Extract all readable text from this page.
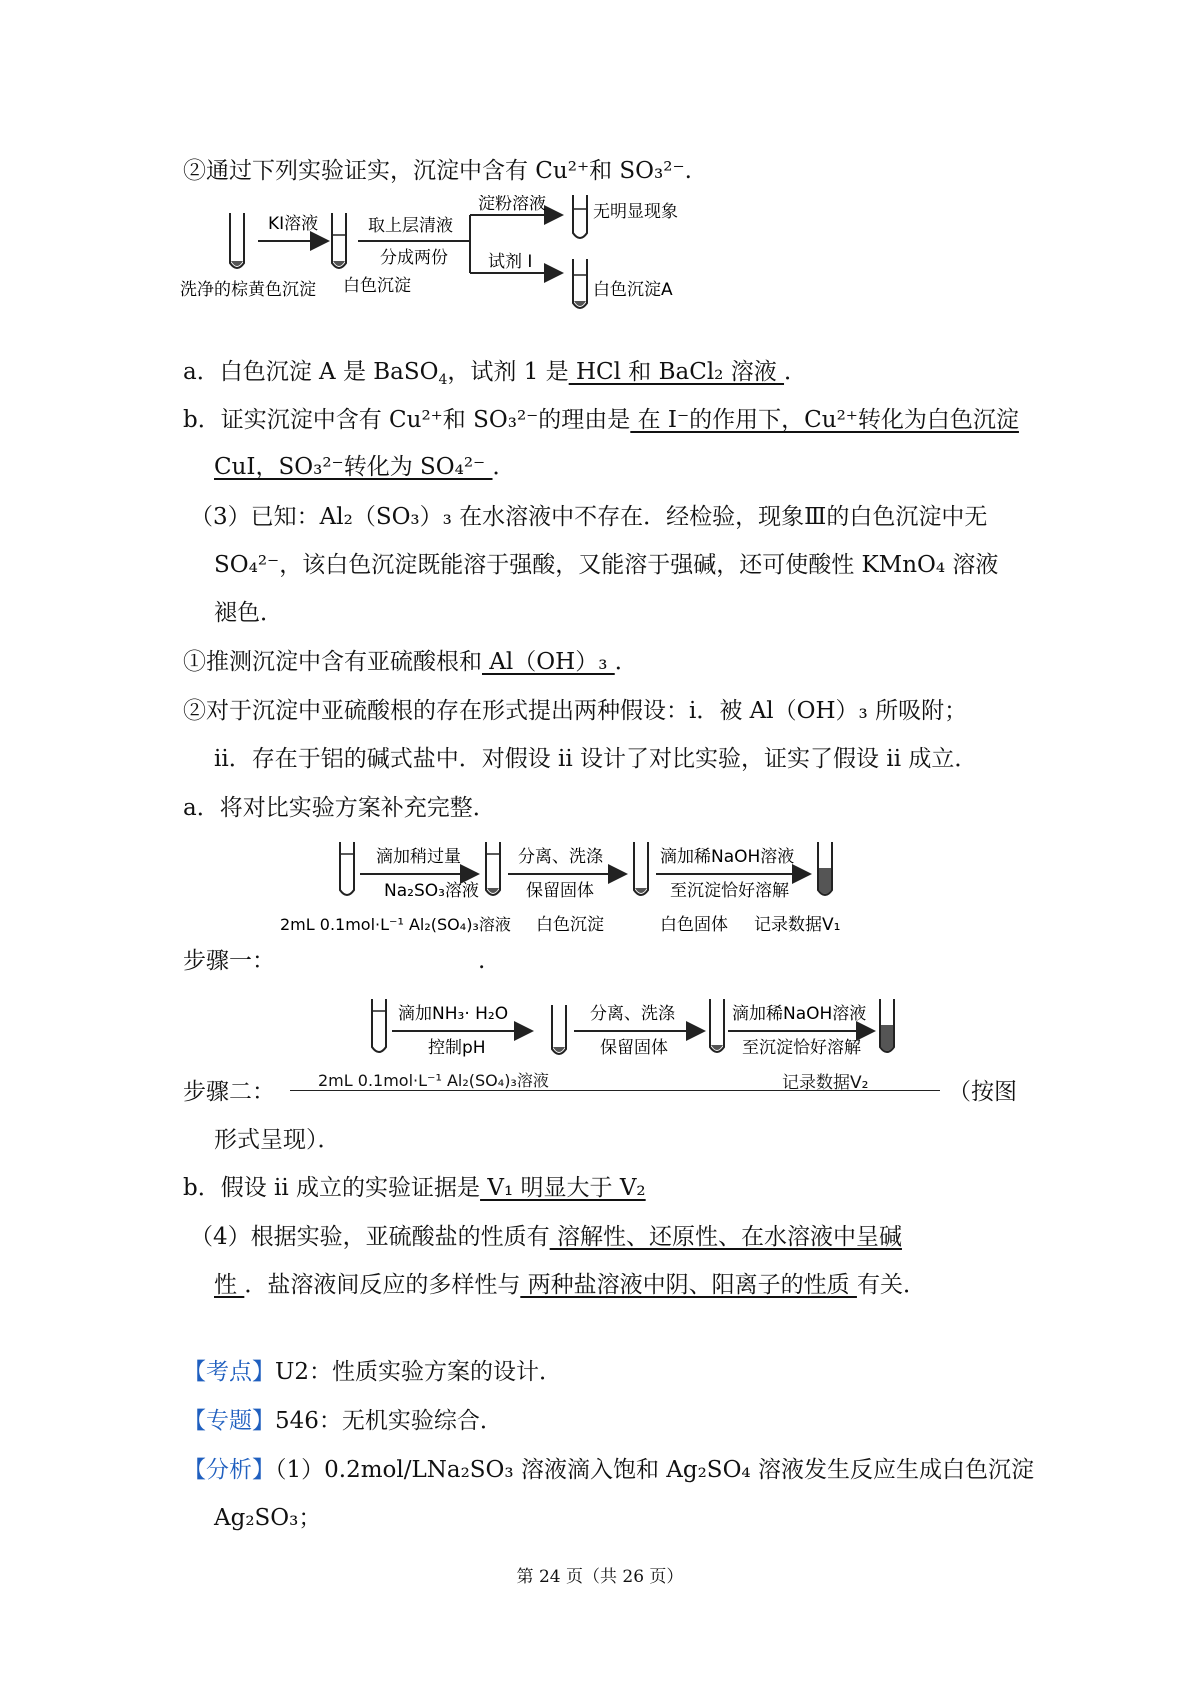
②通过下列实验证实，沉淀中含有 Cu²⁺和 SO₃²⁻.
KI溶液	取上层清液
分成两份
淀粉溶液
试剂 I
无明显现象
白色沉淀A
洗净的棕黄色沉淀 白色沉淀
a．白色沉淀 A 是 BaSO$_4$，试剂 1 是 HCl 和 BaCl₂ 溶液 ．
b．证实沉淀中含有 Cu²⁺和 SO₃²⁻的理由是 在 I⁻的作用下，Cu²⁺转化为白色沉淀
CuI，SO₃²⁻转化为 SO₄²⁻ ．
（3）已知：Al₂（SO₃）₃ 在水溶液中不存在．经检验，现象Ⅲ的白色沉淀中无
SO₄²⁻，该白色沉淀既能溶于强酸，又能溶于强碱，还可使酸性 KMnO₄ 溶液
褪色．
①推测沉淀中含有亚硫酸根和 Al（OH）₃ ．
②对于沉淀中亚硫酸根的存在形式提出两种假设：i．被 Al（OH）₃ 所吸附；
ii．存在于铝的碱式盐中．对假设 ii 设计了对比实验，证实了假设 ii 成立．
a．将对比实验方案补充完整．
滴加稍过量
Na₂SO₃溶液
分离、洗涤
保留固体
滴加稀NaOH溶液
至沉淀恰好溶解
2mL 0.1mol·L⁻¹ Al₂(SO₄)₃溶液 白色沉淀	白色固体 记录数据V₁
步骤一：	.
滴加NH₃· H₂O
控制pH
分离、洗涤
保留固体
滴加稀NaOH溶液
至沉淀恰好溶解
步骤二：	2mL 0.1mol·L⁻¹ Al₂(SO₄)₃溶液	记录数据V₂	（按图
形式呈现）．
b．假设 ii 成立的实验证据是 V₁ 明显大于 V₂
（4）根据实验，亚硫酸盐的性质有 溶解性、还原性、在水溶液中呈碱
性 ．盐溶液间反应的多样性与 两种盐溶液中阴、阳离子的性质 有关．
【考点】U2：性质实验方案的设计．
【专题】546：无机实验综合．
【分析】（1）0.2mol/LNa₂SO₃ 溶液滴入饱和 Ag₂SO₄ 溶液发生反应生成白色沉淀
Ag₂SO₃；
第 24 页（共 26 页）
